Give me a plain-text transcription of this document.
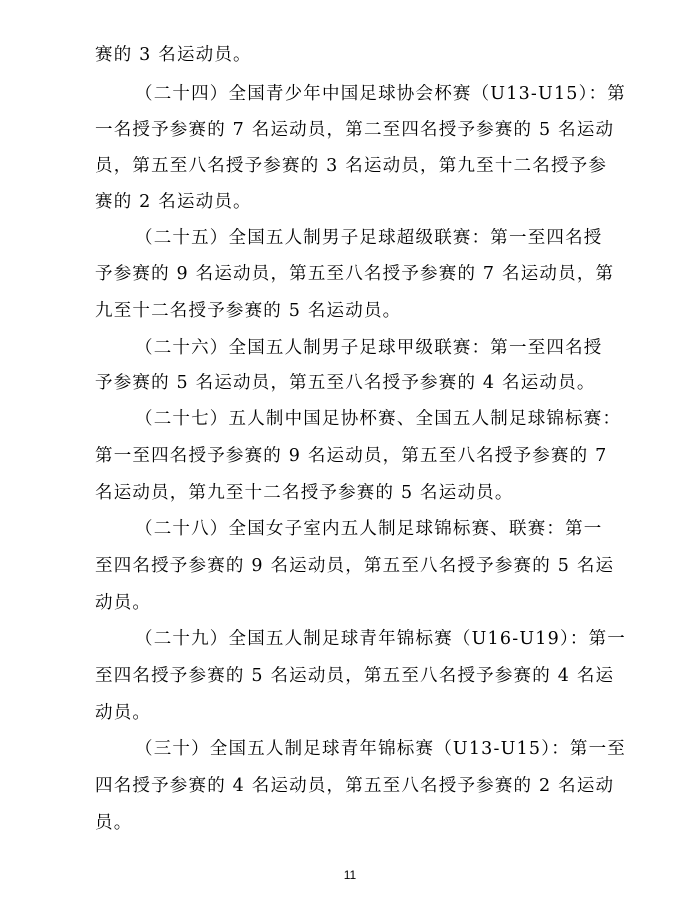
赛的 3 名运动员。
（二十四）全国青少年中国足球协会杯赛（U13-U15）：第
一名授予参赛的 7 名运动员，第二至四名授予参赛的 5 名运动
员，第五至八名授予参赛的 3 名运动员，第九至十二名授予参
赛的 2 名运动员。
（二十五）全国五人制男子足球超级联赛：第一至四名授
予参赛的 9 名运动员，第五至八名授予参赛的 7 名运动员，第
九至十二名授予参赛的 5 名运动员。
（二十六）全国五人制男子足球甲级联赛：第一至四名授
予参赛的 5 名运动员，第五至八名授予参赛的 4 名运动员。
（二十七）五人制中国足协杯赛、全国五人制足球锦标赛：
第一至四名授予参赛的 9 名运动员，第五至八名授予参赛的 7
名运动员，第九至十二名授予参赛的 5 名运动员。
（二十八）全国女子室内五人制足球锦标赛、联赛：第一
至四名授予参赛的 9 名运动员，第五至八名授予参赛的 5 名运
动员。
（二十九）全国五人制足球青年锦标赛（U16-U19）：第一
至四名授予参赛的 5 名运动员，第五至八名授予参赛的 4 名运
动员。
（三十）全国五人制足球青年锦标赛（U13-U15）：第一至
四名授予参赛的 4 名运动员，第五至八名授予参赛的 2 名运动
员。
11
